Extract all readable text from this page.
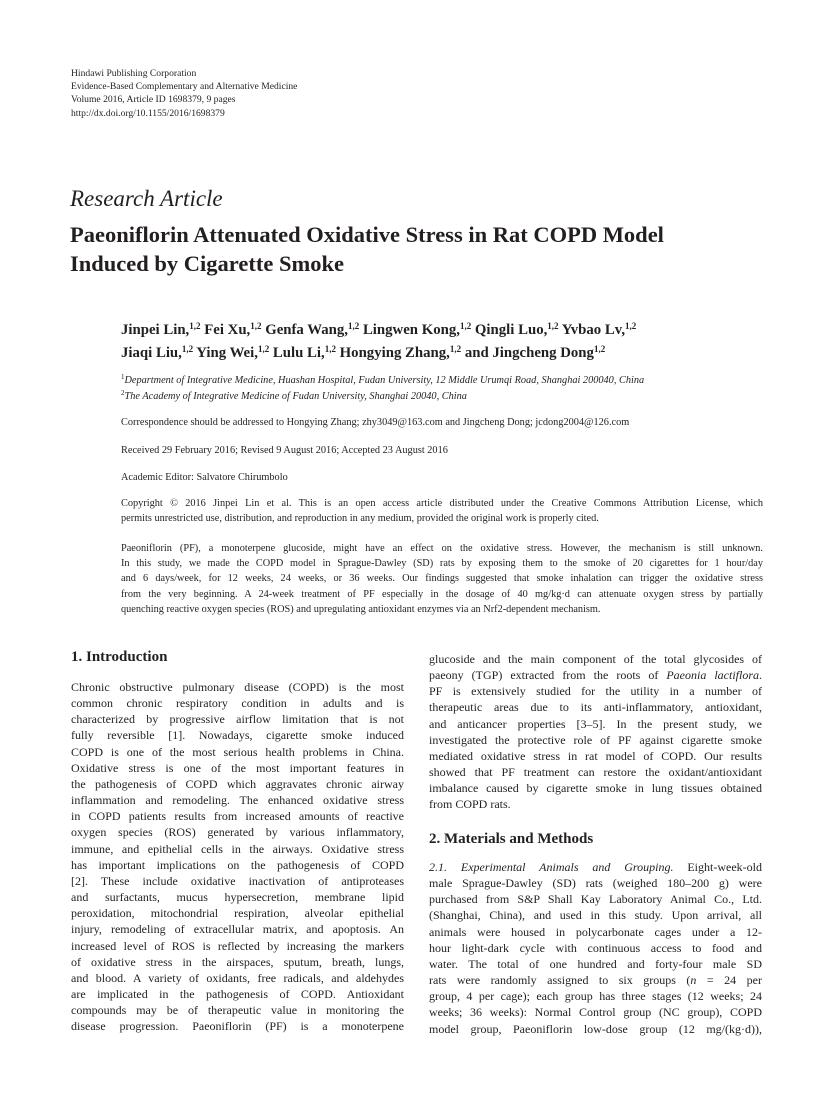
Hindawi Publishing Corporation
Evidence-Based Complementary and Alternative Medicine
Volume 2016, Article ID 1698379, 9 pages
http://dx.doi.org/10.1155/2016/1698379
Research Article
Paeoniflorin Attenuated Oxidative Stress in Rat COPD Model
Induced by Cigarette Smoke
Jinpei Lin,$^{1,2}$ Fei Xu,$^{1,2}$ Genfa Wang,$^{1,2}$ Lingwen Kong,$^{1,2}$ Qingli Luo,$^{1,2}$ Yvbao Lv,$^{1,2}$
Jiaqi Liu,$^{1,2}$ Ying Wei,$^{1,2}$ Lulu Li,$^{1,2}$ Hongying Zhang,$^{1,2}$ and Jingcheng Dong$^{1,2}$
$^1$Department of Integrative Medicine, Huashan Hospital, Fudan University, 12 Middle Urumqi Road, Shanghai 200040, China
$^2$The Academy of Integrative Medicine of Fudan University, Shanghai 20040, China
Correspondence should be addressed to Hongying Zhang; zhy3049@163.com and Jingcheng Dong; jcdong2004@126.com
Received 29 February 2016; Revised 9 August 2016; Accepted 23 August 2016
Academic Editor: Salvatore Chirumbolo
Copyright © 2016 Jinpei Lin et al. This is an open access article distributed under the Creative Commons Attribution License, which
permits unrestricted use, distribution, and reproduction in any medium, provided the original work is properly cited.
Paeoniflorin (PF), a monoterpene glucoside, might have an effect on the oxidative stress. However, the mechanism is still unknown.
In this study, we made the COPD model in Sprague-Dawley (SD) rats by exposing them to the smoke of 20 cigarettes for 1 hour/day
and 6 days/week, for 12 weeks, 24 weeks, or 36 weeks. Our findings suggested that smoke inhalation can trigger the oxidative stress
from the very beginning. A 24-week treatment of PF especially in the dosage of 40 mg/kg·d can attenuate oxygen stress by partially
quenching reactive oxygen species (ROS) and upregulating antioxidant enzymes via an Nrf2-dependent mechanism.
1. Introduction
Chronic obstructive pulmonary disease (COPD) is the most
common chronic respiratory condition in adults and is
characterized by progressive airflow limitation that is not
fully reversible [1]. Nowadays, cigarette smoke induced
COPD is one of the most serious health problems in China.
Oxidative stress is one of the most important features in
the pathogenesis of COPD which aggravates chronic airway
inflammation and remodeling. The enhanced oxidative stress
in COPD patients results from increased amounts of reactive
oxygen species (ROS) generated by various inflammatory,
immune, and epithelial cells in the airways. Oxidative stress
has important implications on the pathogenesis of COPD
[2]. These include oxidative inactivation of antiproteases
and surfactants, mucus hypersecretion, membrane lipid
peroxidation, mitochondrial respiration, alveolar epithelial
injury, remodeling of extracellular matrix, and apoptosis. An
increased level of ROS is reflected by increasing the markers
of oxidative stress in the airspaces, sputum, breath, lungs,
and blood. A variety of oxidants, free radicals, and aldehydes
are implicated in the pathogenesis of COPD. Antioxidant
compounds may be of therapeutic value in monitoring the
disease progression. Paeoniflorin (PF) is a monoterpene
glucoside and the main component of the total glycosides of
paeony (TGP) extracted from the roots of Paeonia lactiflora.
PF is extensively studied for the utility in a number of
therapeutic areas due to its anti-inflammatory, antioxidant,
and anticancer properties [3–5]. In the present study, we
investigated the protective role of PF against cigarette smoke
mediated oxidative stress in rat model of COPD. Our results
showed that PF treatment can restore the oxidant/antioxidant
imbalance caused by cigarette smoke in lung tissues obtained
from COPD rats.
2. Materials and Methods
2.1. Experimental Animals and Grouping. Eight-week-old
male Sprague-Dawley (SD) rats (weighed 180–200 g) were
purchased from S&P Shall Kay Laboratory Animal Co., Ltd.
(Shanghai, China), and used in this study. Upon arrival, all
animals were housed in polycarbonate cages under a 12-
hour light-dark cycle with continuous access to food and
water. The total of one hundred and forty-four male SD
rats were randomly assigned to six groups (n = 24 per
group, 4 per cage); each group has three stages (12 weeks; 24
weeks; 36 weeks): Normal Control group (NC group), COPD
model group, Paeoniflorin low-dose group (12 mg/(kg·d)),
